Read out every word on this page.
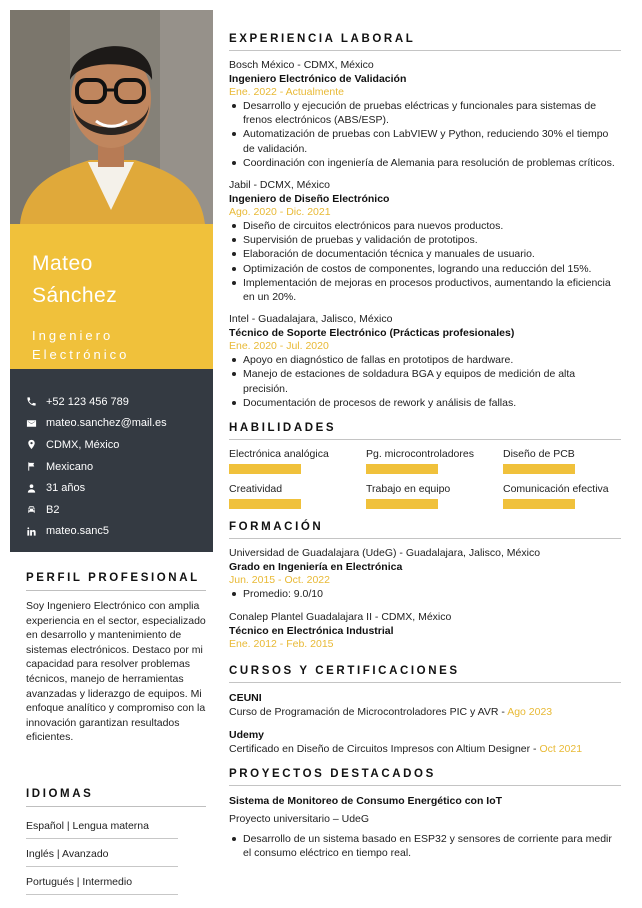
Mateo
Sánchez
Ingeniero
Electrónico
+52 123 456 789
mateo.sanchez@mail.es
CDMX, México
Mexicano
31 años
B2
mateo.sanc5
PERFIL PROFESIONAL
Soy Ingeniero Electrónico con amplia experiencia en el sector, especializado en desarrollo y mantenimiento de sistemas electrónicos. Destaco por mi capacidad para resolver problemas técnicos, manejo de herramientas avanzadas y liderazgo de equipos. Mi enfoque analítico y compromiso con la innovación garantizan resultados eficientes.
IDIOMAS
Español | Lengua materna
Inglés | Avanzado
Portugués | Intermedio
EXPERIENCIA LABORAL
Bosch México - CDMX, México
Ingeniero Electrónico de Validación
Ene. 2022 - Actualmente
Desarrollo y ejecución de pruebas eléctricas y funcionales para sistemas de frenos electrónicos (ABS/ESP).
Automatización de pruebas con LabVIEW y Python, reduciendo 30% el tiempo de validación.
Coordinación con ingeniería de Alemania para resolución de problemas críticos.
Jabil - DCMX, México
Ingeniero de Diseño Electrónico
Ago. 2020 - Dic. 2021
Diseño de circuitos electrónicos para nuevos productos.
Supervisión de pruebas y validación de prototipos.
Elaboración de documentación técnica y manuales de usuario.
Optimización de costos de componentes, logrando una reducción del 15%.
Implementación de mejoras en procesos productivos, aumentando la eficiencia en un 20%.
Intel - Guadalajara, Jalisco, México
Técnico de Soporte Electrónico (Prácticas profesionales)
Ene. 2020 - Jul. 2020
Apoyo en diagnóstico de fallas en prototipos de hardware.
Manejo de estaciones de soldadura BGA y equipos de medición de alta precisión.
Documentación de procesos de rework y análisis de fallas.
HABILIDADES
Electrónica analógica	Pg. microcontroladores	Diseño de PCB
Creatividad	Trabajo en equipo	Comunicación efectiva
FORMACIÓN
Universidad de Guadalajara (UdeG) - Guadalajara, Jalisco, México
Grado en Ingeniería en Electrónica
Jun. 2015 - Oct. 2022
Promedio: 9.0/10
Conalep Plantel Guadalajara II - CDMX, México
Técnico en Electrónica Industrial
Ene. 2012 - Feb. 2015
CURSOS Y CERTIFICACIONES
CEUNI
Curso de Programación de Microcontroladores PIC y AVR - Ago 2023
Udemy
Certificado en Diseño de Circuitos Impresos con Altium Designer - Oct 2021
PROYECTOS DESTACADOS
Sistema de Monitoreo de Consumo Energético con IoT
Proyecto universitario – UdeG
Desarrollo de un sistema basado en ESP32 y sensores de corriente para medir el consumo eléctrico en tiempo real.
